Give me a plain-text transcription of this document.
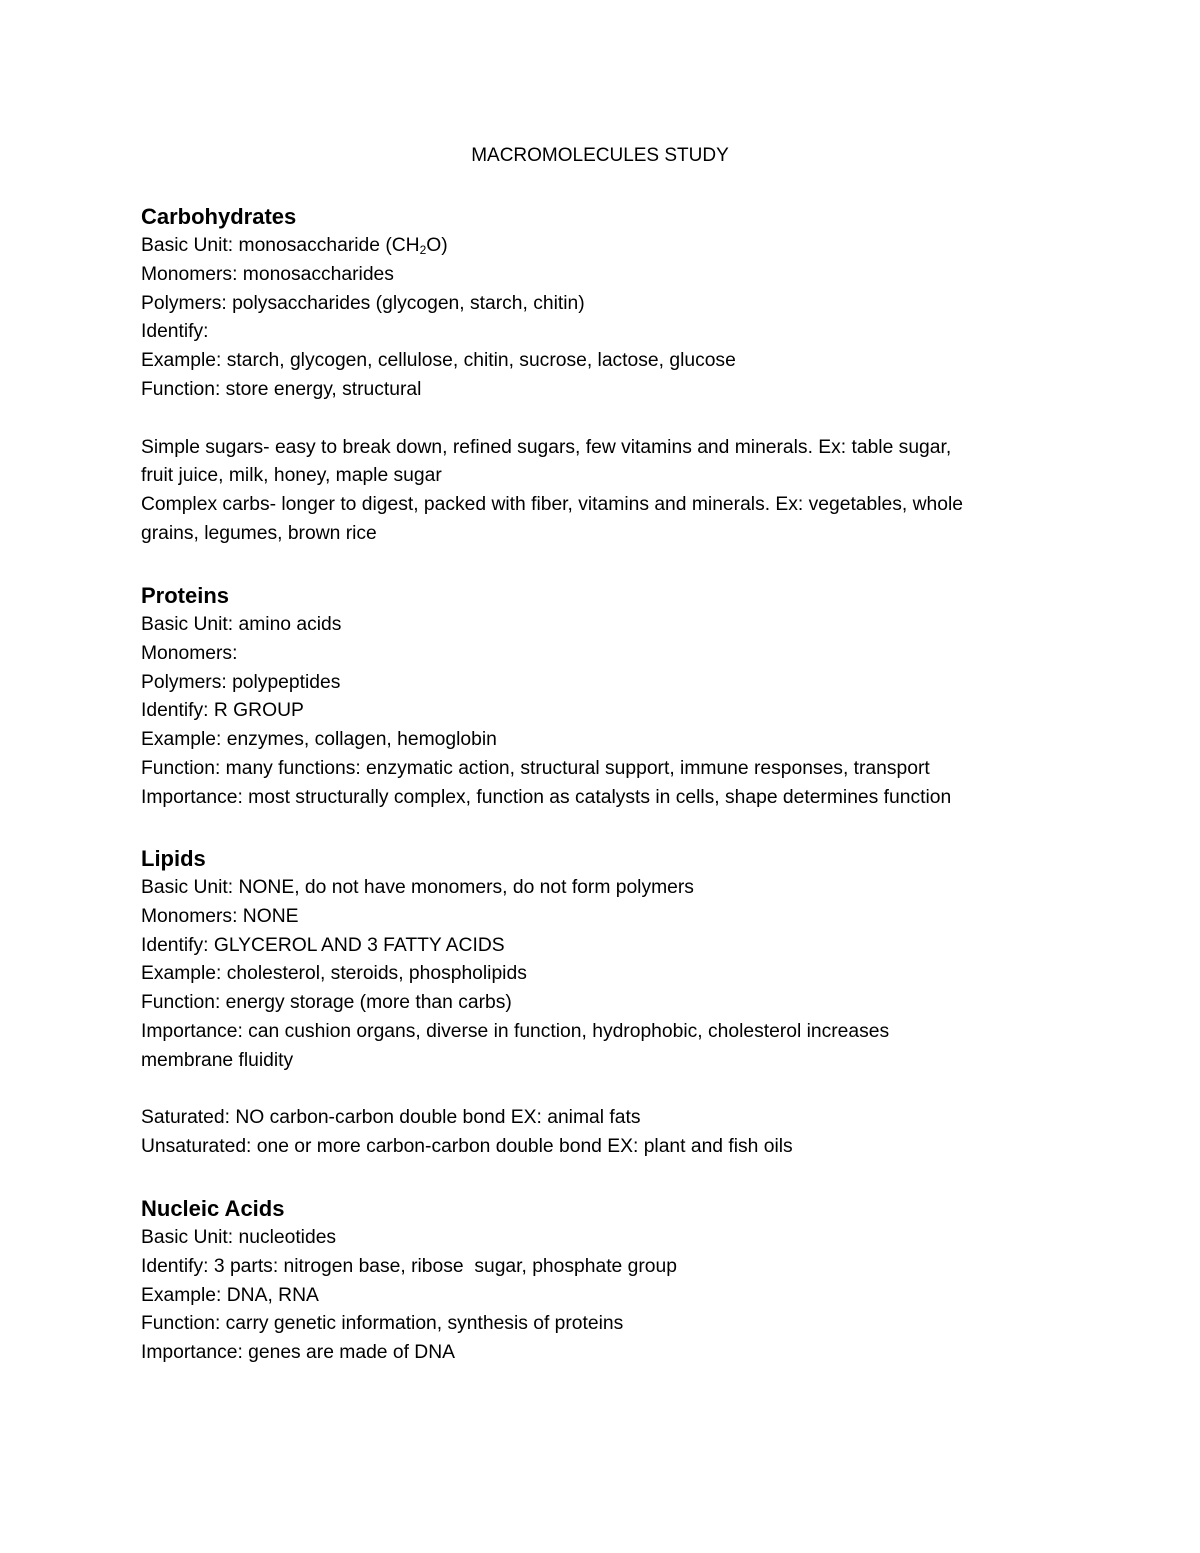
MACROMOLECULES STUDY

Carbohydrates

Basic Unit: monosaccharide $(CH_2O)$

Monomers: monosaccharides

Polymers: polysaccharides (glycogen, starch, chitin)

Identify:

Example: starch, glycogen, cellulose, chitin, sucrose, lactose, glucose

Function: store energy, structural

Simple sugars- easy to break down, refined sugars, few vitamins and minerals. Ex: table sugar,

fruit juice, milk, honey, maple sugar

Complex carbs- longer to digest, packed with fiber, vitamins and minerals. Ex: vegetables, whole

grains, legumes, brown rice

Proteins

Basic Unit: amino acids

Monomers:

Polymers: polypeptides

Identify: R GROUP

Example: enzymes, collagen, hemoglobin

Function: many functions: enzymatic action, structural support, immune responses, transport

Importance: most structurally complex, function as catalysts in cells, shape determines function

Lipids

Basic Unit: NONE, do not have monomers, do not form polymers

Monomers: NONE

Identify: GLYCEROL AND 3 FATTY ACIDS

Example: cholesterol, steroids, phospholipids

Function: energy storage (more than carbs)

Importance: can cushion organs, diverse in function, hydrophobic, cholesterol increases

membrane fluidity

Saturated: NO carbon-carbon double bond EX: animal fats

Unsaturated: one or more carbon-carbon double bond EX: plant and fish oils

Nucleic Acids

Basic Unit: nucleotides

Identify: 3 parts: nitrogen base, ribose  sugar, phosphate group

Example: DNA, RNA

Function: carry genetic information, synthesis of proteins

Importance: genes are made of DNA
